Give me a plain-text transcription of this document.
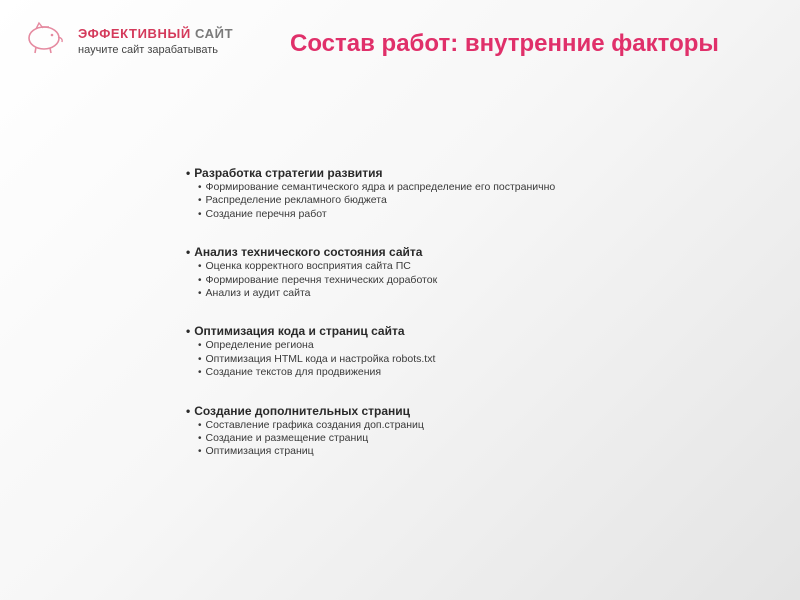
ЭФФЕКТИВНЫЙ САЙТ
научите сайт зарабатывать	Состав работ: внутренние факторы
• Разработка стратегии развития
• Формирование семантического ядра и распределение его постранично
• Распределение рекламного бюджета
• Создание перечня работ
• Анализ технического состояния сайта
• Оценка корректного восприятия сайта ПС
• Формирование перечня технических доработок
• Анализ и аудит сайта
• Оптимизация кода и страниц сайта
• Определение региона
• Оптимизация HTML кода и настройка robots.txt
• Создание текстов для продвижения
• Создание дополнительных страниц
• Составление графика создания доп.страниц
• Создание и размещение страниц
• Оптимизация страниц
